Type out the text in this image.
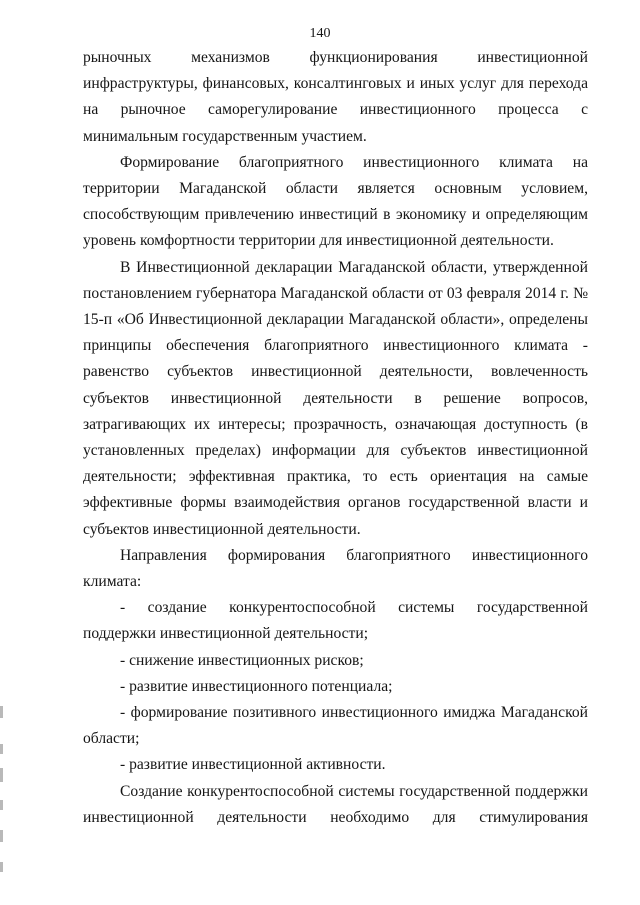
140

рыночных механизмов функционирования инвестиционной инфраструктуры, финансовых, консалтинговых и иных услуг для перехода на рыночное саморегулирование инвестиционного процесса с минимальным государственным участием.

Формирование благоприятного инвестиционного климата на территории Магаданской области является основным условием, способствующим привлечению инвестиций в экономику и определяющим уровень комфортности территории для инвестиционной деятельности.

В Инвестиционной декларации Магаданской области, утвержденной постановлением губернатора Магаданской области от 03 февраля 2014 г. № 15-п «Об Инвестиционной декларации Магаданской области», определены принципы обеспечения благоприятного инвестиционного климата - равенство субъектов инвестиционной деятельности, вовлеченность субъектов инвестиционной деятельности в решение вопросов, затрагивающих их интересы; прозрачность, означающая доступность (в установленных пределах) информации для субъектов инвестиционной деятельности; эффективная практика, то есть ориентация на самые эффективные формы взаимодействия органов государственной власти и субъектов инвестиционной деятельности.

Направления формирования благоприятного инвестиционного климата:

- создание конкурентоспособной системы государственной поддержки инвестиционной деятельности;

- снижение инвестиционных рисков;

- развитие инвестиционного потенциала;

- формирование позитивного инвестиционного имиджа Магаданской области;

- развитие инвестиционной активности.

Создание конкурентоспособной системы государственной поддержки инвестиционной деятельности необходимо для стимулирования
